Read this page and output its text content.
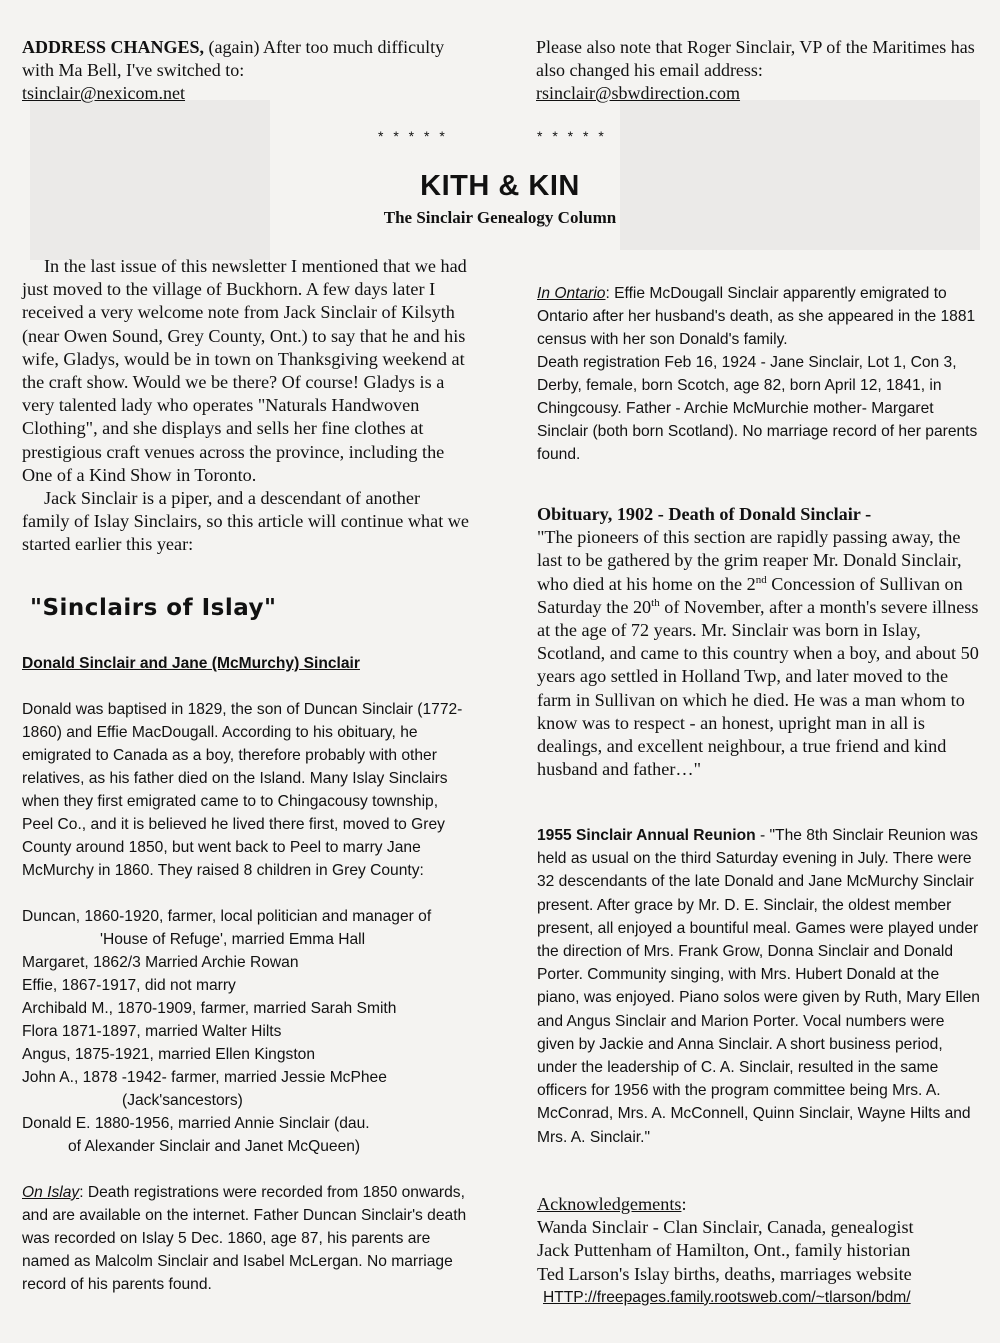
ADDRESS CHANGES, (again) After too much difficulty with Ma Bell, I've switched to:
tsinclair@nexicom.net
Please also note that Roger Sinclair, VP of the Maritimes has also changed his email address:
rsinclair@sbwdirection.com
* * * * *	* * * * *
KITH & KIN
The Sinclair Genealogy Column

In the last issue of this newsletter I mentioned that we had just moved to the village of Buckhorn. A few days later I received a very welcome note from Jack Sinclair of Kilsyth (near Owen Sound, Grey County, Ont.) to say that he and his wife, Gladys, would be in town on Thanksgiving weekend at the craft show. Would we be there? Of course! Gladys is a very talented lady who operates "Naturals Handwoven Clothing", and she displays and sells her fine clothes at prestigious craft venues across the province, including the One of a Kind Show in Toronto.

Jack Sinclair is a piper, and a descendant of another family of Islay Sinclairs, so this article will continue what we started earlier this year:

"Sinclairs of Islay"

Donald Sinclair and Jane (McMurchy) Sinclair

Donald was baptised in 1829, the son of Duncan Sinclair (1772-1860) and Effie MacDougall. According to his obituary, he emigrated to Canada as a boy, therefore probably with other relatives, as his father died on the Island. Many Islay Sinclairs when they first emigrated came to to Chingacousy township, Peel Co., and it is believed he lived there first, moved to Grey County around 1850, but went back to Peel to marry Jane McMurchy in 1860. They raised 8 children in Grey County:

Duncan, 1860-1920, farmer, local politician and manager of

'House of Refuge', married Emma Hall

Margaret, 1862/3 Married Archie Rowan

Effie, 1867-1917, did not marry

Archibald M., 1870-1909, farmer, married Sarah Smith

Flora 1871-1897, married Walter Hilts

Angus, 1875-1921, married Ellen Kingston

John A., 1878 -1942- farmer, married Jessie McPhee

(Jack'sancestors)

Donald E. 1880-1956, married Annie Sinclair (dau.

of Alexander Sinclair and Janet McQueen)

On Islay: Death registrations were recorded from 1850 onwards, and are available on the internet. Father Duncan Sinclair's death was recorded on Islay 5 Dec. 1860, age 87, his parents are named as Malcolm Sinclair and Isabel McLergan. No marriage record of his parents found.

In Ontario: Effie McDougall Sinclair apparently emigrated to Ontario after her husband's death, as she appeared in the 1881 census with her son Donald's family.

Death registration Feb 16, 1924 - Jane Sinclair, Lot 1, Con 3, Derby, female, born Scotch, age 82, born April 12, 1841, in Chingcousy. Father - Archie McMurchie mother- Margaret Sinclair (both born Scotland). No marriage record of her parents found.

Obituary, 1902 - Death of Donald Sinclair -

"The pioneers of this section are rapidly passing away, the last to be gathered by the grim reaper Mr. Donald Sinclair, who died at his home on the 2nd Concession of Sullivan on Saturday the 20th of November, after a month's severe illness at the age of 72 years. Mr. Sinclair was born in Islay, Scotland, and came to this country when a boy, and about 50 years ago settled in Holland Twp, and later moved to the farm in Sullivan on which he died. He was a man whom to know was to respect - an honest, upright man in all is dealings, and excellent neighbour, a true friend and kind husband and father…"

1955 Sinclair Annual Reunion - "The 8th Sinclair Reunion was held as usual on the third Saturday evening in July. There were 32 descendants of the late Donald and Jane McMurchy Sinclair present. After grace by Mr. D. E. Sinclair, the oldest member present, all enjoyed a bountiful meal. Games were played under the direction of Mrs. Frank Grow, Donna Sinclair and Donald Porter. Community singing, with Mrs. Hubert Donald at the piano, was enjoyed. Piano solos were given by Ruth, Mary Ellen and Angus Sinclair and Marion Porter. Vocal numbers were given by Jackie and Anna Sinclair. A short business period, under the leadership of C. A. Sinclair, resulted in the same officers for 1956 with the program committee being Mrs. A. McConrad, Mrs. A. McConnell, Quinn Sinclair, Wayne Hilts and Mrs. A. Sinclair."

Acknowledgements:

Wanda Sinclair - Clan Sinclair, Canada, genealogist

Jack Puttenham of Hamilton, Ont., family historian

Ted Larson's Islay births, deaths, marriages website

HTTP://freepages.family.rootsweb.com/~tlarson/bdm/
